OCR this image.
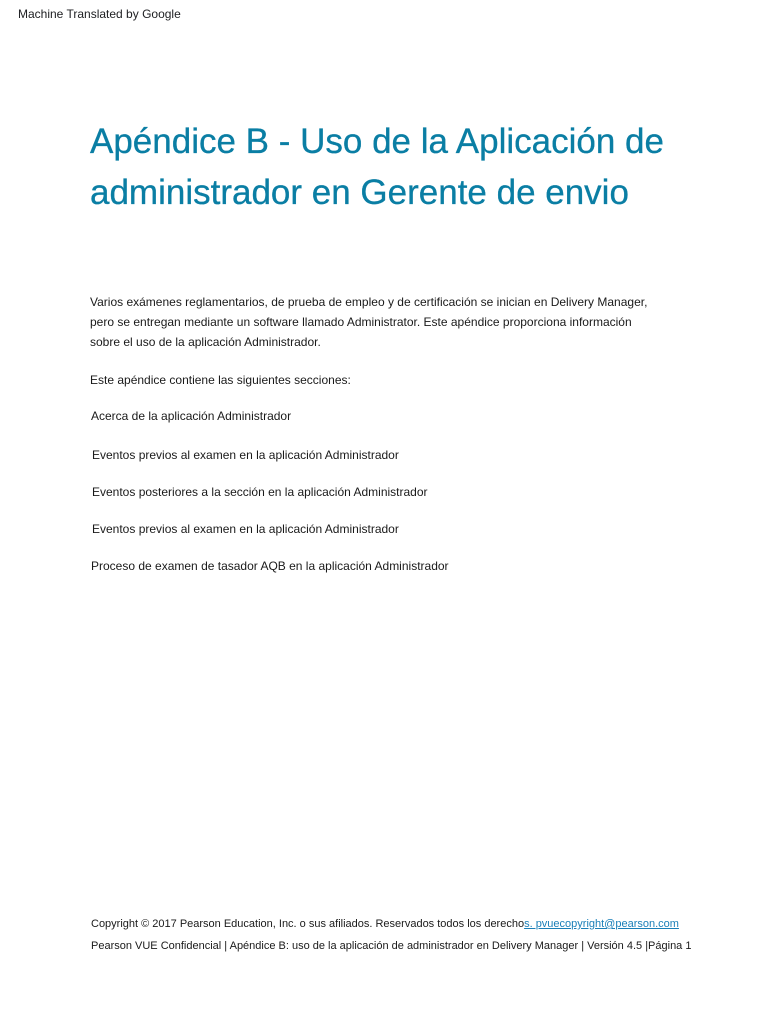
Machine Translated by Google
Apéndice B - Uso de la Aplicación de administrador en Gerente de envio

Varios exámenes reglamentarios, de prueba de empleo y de certificación se inician en Delivery Manager, pero se entregan mediante un software llamado Administrator. Este apéndice proporciona información sobre el uso de la aplicación Administrador.

Este apéndice contiene las siguientes secciones:

Acerca de la aplicación Administrador

Eventos previos al examen en la aplicación Administrador

Eventos posteriores a la sección en la aplicación Administrador

Eventos previos al examen en la aplicación Administrador

Proceso de examen de tasador AQB en la aplicación Administrador

Copyright © 2017 Pearson Education, Inc. o sus afiliados. Reservados todos los derechos. pvuecopyright@pearson.com
Pearson VUE Confidencial | Apéndice B: uso de la aplicación de administrador en Delivery Manager | Versión 4.5 |Página 1
